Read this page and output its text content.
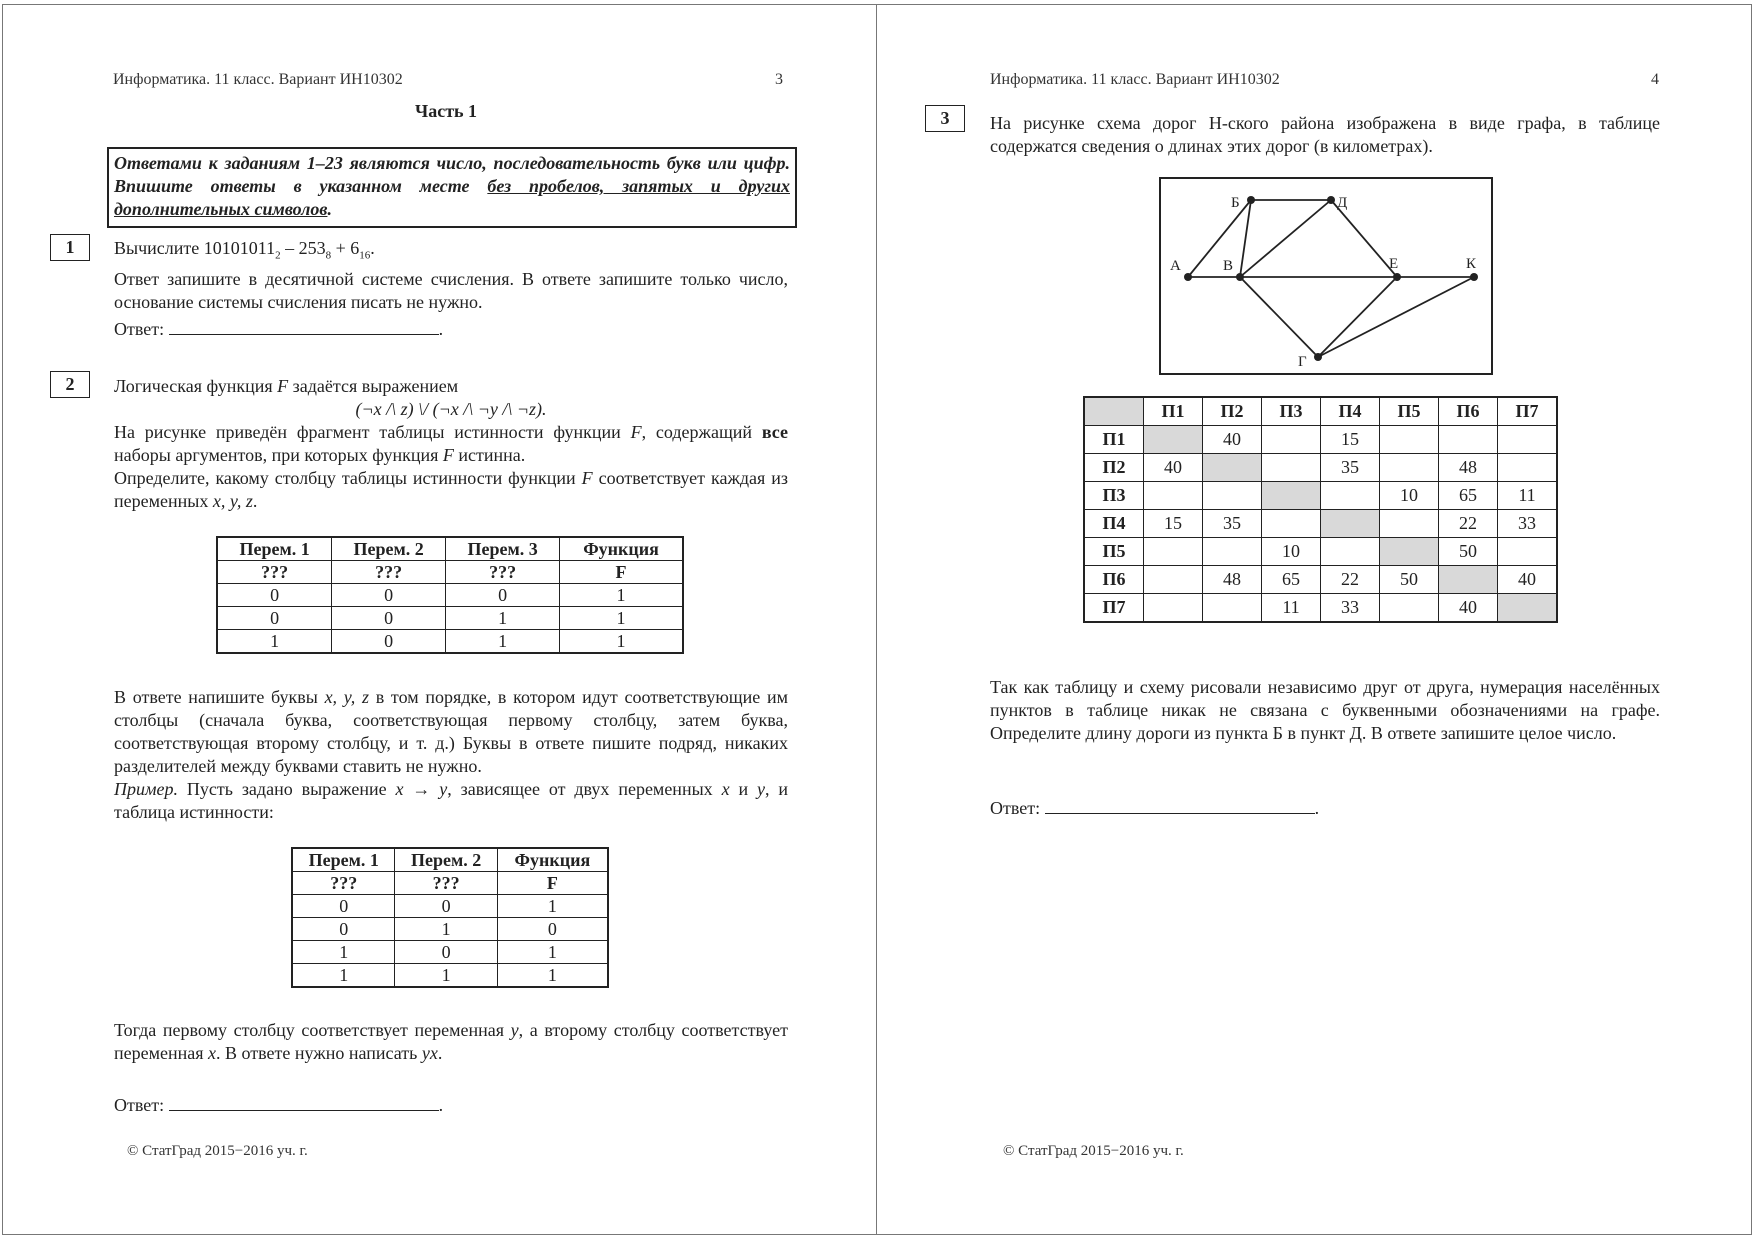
Информатика. 11 класс. Вариант ИН10302	3
Часть 1
Ответами к заданиям 1–23 являются число, последовательность букв или цифр. Впишите ответы в указанном месте без пробелов, запятых и других дополнительных символов.
1	Вычислите $10101011_2 - 253_8 + 6_{16}$.

Ответ запишите в десятичной системе счисления. В ответе запишите только число, основание системы счисления писать не нужно.

Ответ:	.
2	Логическая функция F задаётся выражением

(¬x /\ z) \/ (¬x /\ ¬y /\ ¬z).

На рисунке приведён фрагмент таблицы истинности функции F, содержащий все наборы аргументов, при которых функция F истинна.

Определите, какому столбцу таблицы истинности функции F соответствует каждая из переменных x, y, z.

Перем. 1	Перем. 2	Перем. 3	Функция
???	???	???	F
0	0	0	1
0	0	1	1
1	0	1	1

В ответе напишите буквы x, y, z в том порядке, в котором идут соответствующие им столбцы (сначала буква, соответствующая первому столбцу, затем буква, соответствующая второму столбцу, и т. д.) Буквы в ответе пишите подряд, никаких разделителей между буквами ставить не нужно.

Пример. Пусть задано выражение x → y, зависящее от двух переменных x и y, и таблица истинности:

Перем. 1	Перем. 2	Функция
???	???	F
0	0	1
0	1	0
1	0	1
1	1	1

Тогда первому столбцу соответствует переменная y, а второму столбцу соответствует переменная x. В ответе нужно написать yx.

Ответ:	.
© СтатГрад 2015−2016 уч. г.
Информатика. 11 класс. Вариант ИН10302	4
3	На рисунке схема дорог Н-ского района изображена в виде графа, в таблице содержатся сведения о длинах этих дорог (в километрах).
А
Б
В
Г
Д
Е	К
	П1	П2	П3	П4	П5	П6	П7
П1		40		15			
П2	40			35		48	
П3					10	65	11
П4	15	35				22	33
П5			10			50	
П6		48	65	22	50		40
П7			11	33		40	
Так как таблицу и схему рисовали независимо друг от друга, нумерация населённых пунктов в таблице никак не связана с буквенными обозначениями на графе. Определите длину дороги из пункта Б в пункт Д. В ответе запишите целое число.
Ответ:	.
© СтатГрад 2015−2016 уч. г.
